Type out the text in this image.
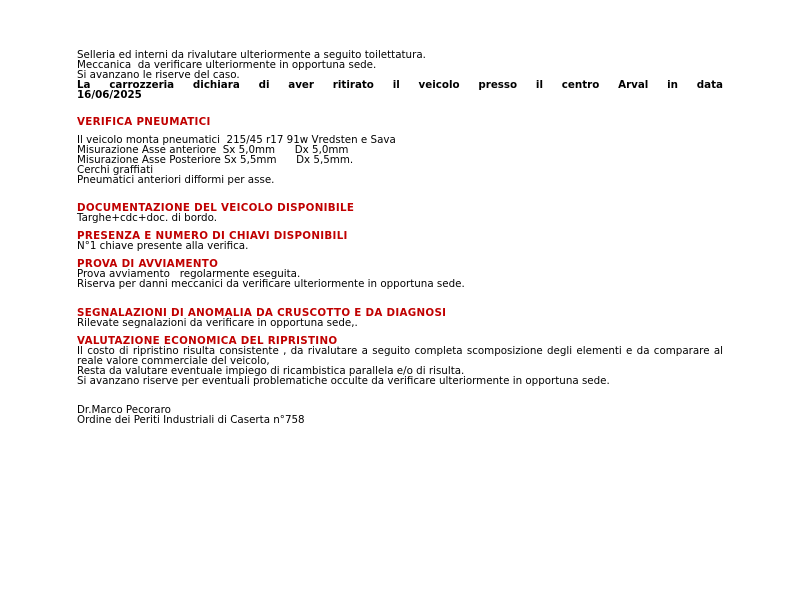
Selleria ed interni da rivalutare ulteriormente a seguito toilettatura.
Meccanica  da verificare ulteriormente in opportuna sede.
Si avanzano le riserve del caso.
La carrozzeria dichiara di aver ritirato il veicolo presso il centro Arval in data
16/06/2025
VERIFICA PNEUMATICI
Il veicolo monta pneumatici  215/45 r17 91w Vredsten e Sava
Misurazione Asse anteriore  Sx 5,0mm      Dx 5,0mm
Misurazione Asse Posteriore Sx 5,5mm      Dx 5,5mm.
Cerchi graffiati
Pneumatici anteriori difformi per asse.
DOCUMENTAZIONE DEL VEICOLO DISPONIBILE
Targhe+cdc+doc. di bordo.
PRESENZA E NUMERO DI CHIAVI DISPONIBILI
N°1 chiave presente alla verifica.
PROVA DI AVVIAMENTO
Prova avviamento   regolarmente eseguita.
Riserva per danni meccanici da verificare ulteriormente in opportuna sede.
SEGNALAZIONI DI ANOMALIA DA CRUSCOTTO E DA DIAGNOSI
Rilevate segnalazioni da verificare in opportuna sede,.
VALUTAZIONE ECONOMICA DEL RIPRISTINO
Il costo di ripristino risulta consistente , da rivalutare a seguito completa scomposizione degli elementi e da comparare al reale valore commerciale del veicolo,
Resta da valutare eventuale impiego di ricambistica parallela e/o di risulta.
Si avanzano riserve per eventuali problematiche occulte da verificare ulteriormente in opportuna sede.
Dr.Marco Pecoraro
Ordine dei Periti Industriali di Caserta n°758
